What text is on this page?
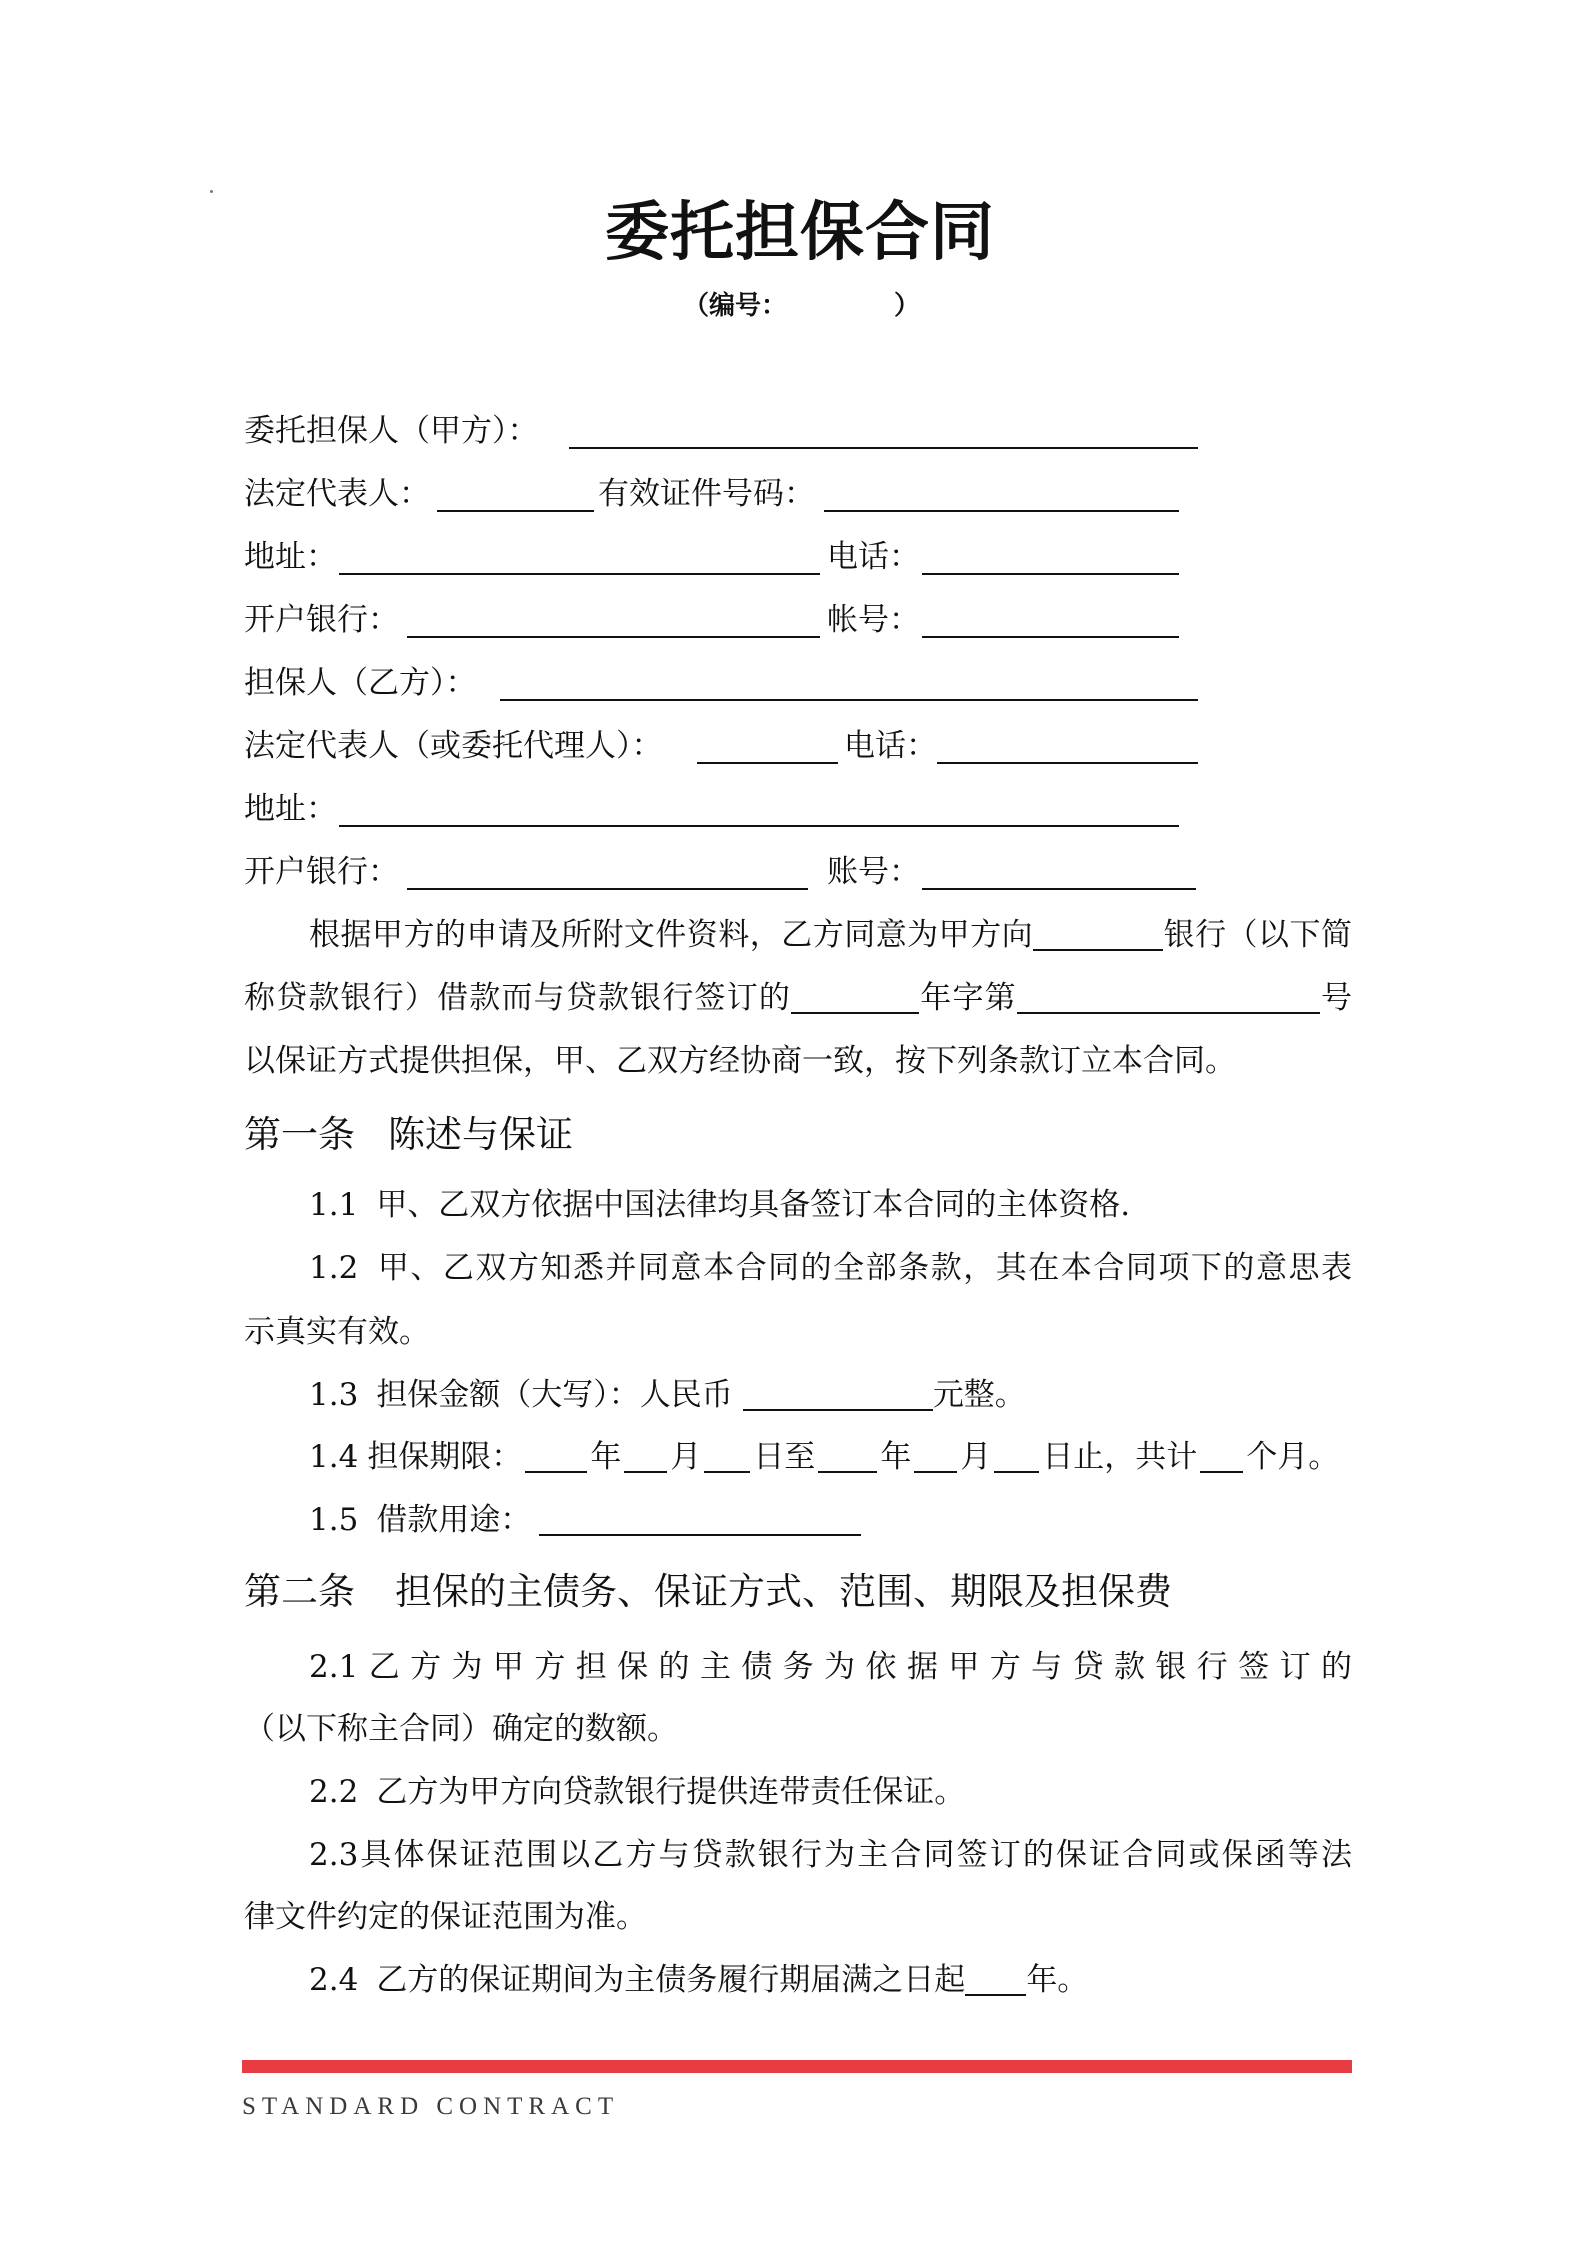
委托担保合同
（编号：	）
委托担保人（甲方）：
法定代表人：	有效证件号码：
地址：	电话：
开户银行：	帐号：
担保人（乙方）：
法定代表人（或委托代理人）：	电话：
地址：
开户银行：	账号：
根据甲方的申请及所附文件资料，乙方同意为甲方向	银行（以下简
称贷款银行）借款而与贷款银行签订的	年字第	号
以保证方式提供担保，甲、乙双方经协商一致，按下列条款订立本合同。
第一条 陈述与保证
1.1 甲、乙双方依据中国法律均具备签订本合同的主体资格.
1.2 甲、乙双方知悉并同意本合同的全部条款，其在本合同项下的意思表
示真实有效。
1.3 担保金额（大写）：人民币	元整。
1.4 担保期限： 年 月 日至 年 月 日止，共计 个月。
1.5 借款用途：
第二条 担保的主债务、保证方式、范围、期限及担保费
2.1乙方为甲方担保的主债务为依据甲方与贷款银行签订的
（以下称主合同）确定的数额。
2.2 乙方为甲方向贷款银行提供连带责任保证。
2.3具体保证范围以乙方与贷款银行为主合同签订的保证合同或保函等法
律文件约定的保证范围为准。
2.4 乙方的保证期间为主债务履行期届满之日起 年。
STANDARD CONTRACT
